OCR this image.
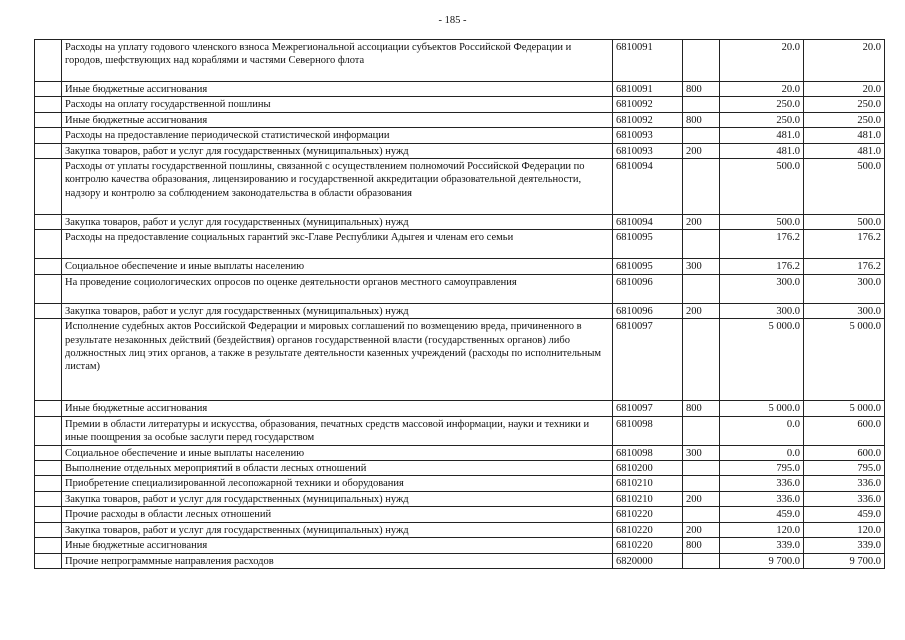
- 185 -
	Расходы на уплату годового членского взноса Межрегиональной ассоциации субъектов Российской Федерации и городов, шефствующих над кораблями и частями Северного флота	6810091		20.0	20.0
	Иные бюджетные ассигнования	6810091	800	20.0	20.0
	Расходы на оплату государственной пошлины	6810092		250.0	250.0
	Иные бюджетные ассигнования	6810092	800	250.0	250.0
	Расходы на предоставление периодической статистической информации	6810093		481.0	481.0
	Закупка товаров, работ и услуг для государственных (муниципальных) нужд	6810093	200	481.0	481.0
	Расходы от уплаты государственной пошлины, связанной с осуществлением полномочий Российской Федерации по контролю качества образования, лицензированию и государственной аккредитации образовательной деятельности, надзору и контролю за соблюдением законодательства в области образования	6810094		500.0	500.0
	Закупка товаров, работ и услуг для государственных (муниципальных) нужд	6810094	200	500.0	500.0
	Расходы на предоставление социальных гарантий экс-Главе Республики Адыгея и членам его семьи	6810095		176.2	176.2
	Социальное обеспечение и иные выплаты населению	6810095	300	176.2	176.2
	На проведение социологических опросов по оценке деятельности органов местного самоуправления	6810096		300.0	300.0
	Закупка товаров, работ и услуг для государственных (муниципальных) нужд	6810096	200	300.0	300.0
	Исполнение судебных актов Российской Федерации и мировых соглашений по возмещению вреда, причиненного в результате незаконных действий (бездействия) органов государственной власти (государственных органов) либо должностных лиц этих органов, а также в результате деятельности казенных учреждений (расходы по исполнительным листам)	6810097		5 000.0	5 000.0
	Иные бюджетные ассигнования	6810097	800	5 000.0	5 000.0
	Премии в области литературы и искусства, образования, печатных средств массовой информации, науки и техники и иные поощрения за особые заслуги перед государством	6810098		0.0	600.0
	Социальное обеспечение и иные выплаты населению	6810098	300	0.0	600.0
	Выполнение отдельных мероприятий в области лесных отношений	6810200		795.0	795.0
	Приобретение специализированной лесопожарной техники и оборудования	6810210		336.0	336.0
	Закупка товаров, работ и услуг для государственных (муниципальных) нужд	6810210	200	336.0	336.0
	Прочие расходы в области лесных отношений	6810220		459.0	459.0
	Закупка товаров, работ и услуг для государственных (муниципальных) нужд	6810220	200	120.0	120.0
	Иные бюджетные ассигнования	6810220	800	339.0	339.0
	Прочие непрограммные направления расходов	6820000		9 700.0	9 700.0
